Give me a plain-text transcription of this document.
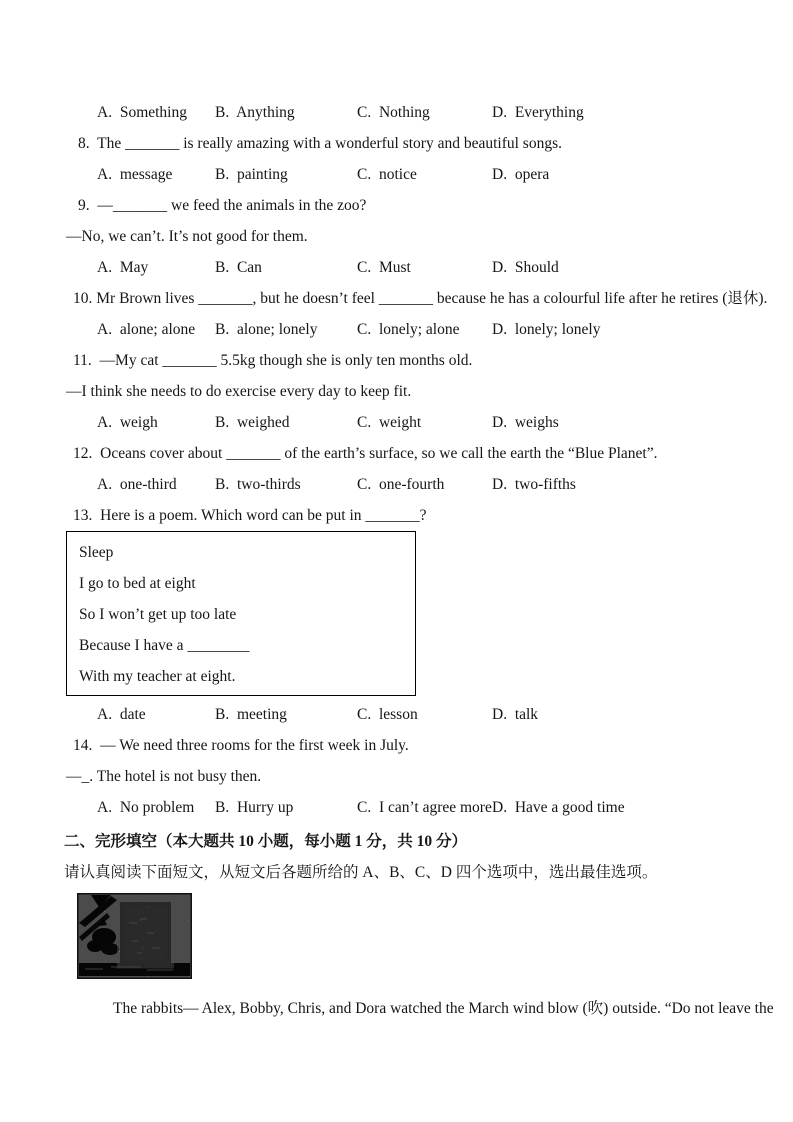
A.  Something	B.  Anything	C.  Nothing	D.  Everything
8.  The _______ is really amazing with a wonderful story and beautiful songs.
A.  message	B.  painting	C.  notice	D.  opera
9.  —_______ we feed the animals in the zoo?
—No, we can’t. It’s not good for them.
A.  May	B.  Can	C.  Must	D.  Should
10. Mr Brown lives _______, but he doesn’t feel _______ because he has a colourful life after he retires (退休).
A.  alone; alone	B.  alone; lonely	C.  lonely; alone	D.  lonely; lonely
11.  —My cat _______ 5.5kg though she is only ten months old.
—I think she needs to do exercise every day to keep fit.
A.  weigh	B.  weighed	C.  weight	D.  weighs
12.  Oceans cover about _______ of the earth’s surface, so we call the earth the “Blue Planet”.
A.  one-third	B.  two-thirds	C.  one-fourth	D.  two-fifths
13.  Here is a poem. Which word can be put in _______?
Sleep
I go to bed at eight
So I won’t get up too late
Because I have a ________
With my teacher at eight.
A.  date	B.  meeting	C.  lesson	D.  talk
14.  — We need three rooms for the first week in July.
—_. The hotel is not busy then.
A.  No problem	B.  Hurry up	C.  I can’t agree more D.  Have a good time
二、完形填空（本大题共 10 小题，每小题 1 分，共 10 分）
请认真阅读下面短文，从短文后各题所给的 A、B、C、D 四个选项中，选出最佳选项。
The rabbits— Alex, Bobby, Chris, and Dora watched the March wind blow (吹) outside. “Do not leave the
